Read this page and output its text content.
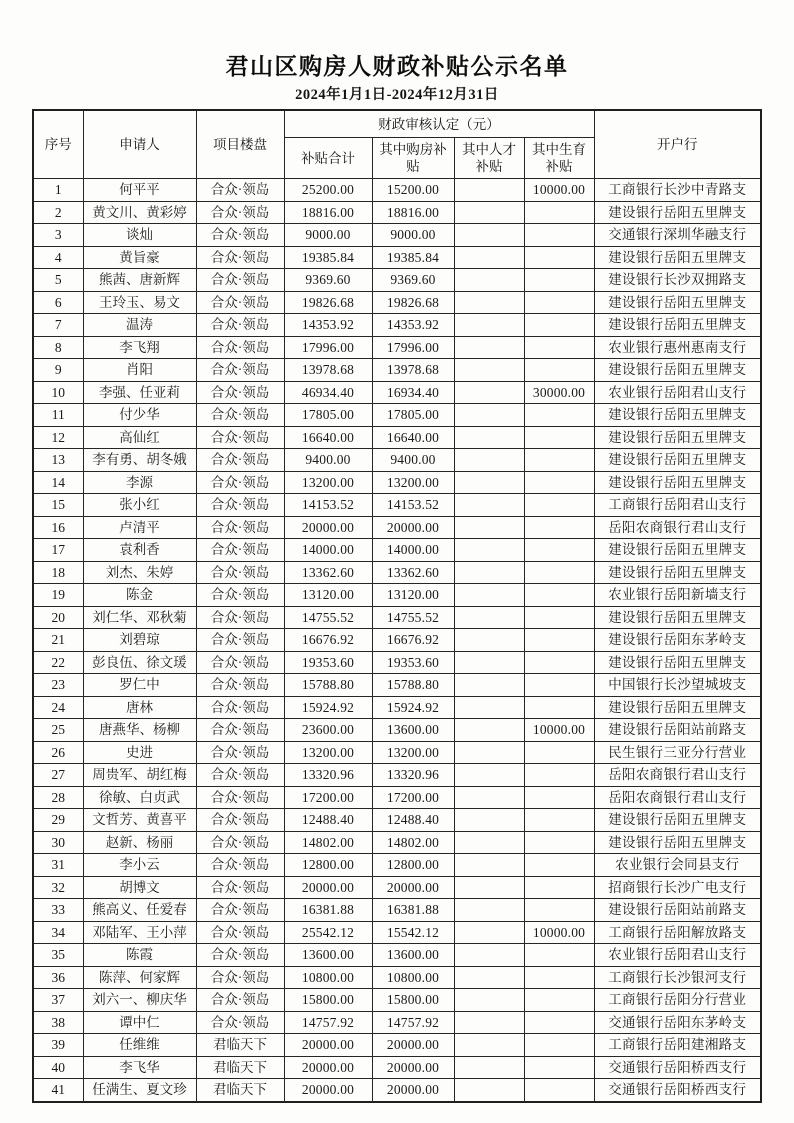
君山区购房人财政补贴公示名单
2024年1月1日-2024年12月31日
序号	申请人	项目楼盘	财政审核认定（元）				开户行
			补贴合计	其中购房补贴	其中人才补贴	其中生育补贴	
1	何平平	合众·领岛	25200.00	15200.00		10000.00	工商银行长沙中青路支
2	黄文川、黄彩婷	合众·领岛	18816.00	18816.00			建设银行岳阳五里牌支
3	谈灿	合众·领岛	9000.00	9000.00			交通银行深圳华融支行
4	黄旨豪	合众·领岛	19385.84	19385.84			建设银行岳阳五里牌支
5	熊茜、唐新辉	合众·领岛	9369.60	9369.60			建设银行长沙双拥路支
6	王玲玉、易文	合众·领岛	19826.68	19826.68			建设银行岳阳五里牌支
7	温涛	合众·领岛	14353.92	14353.92			建设银行岳阳五里牌支
8	李飞翔	合众·领岛	17996.00	17996.00			农业银行惠州惠南支行
9	肖阳	合众·领岛	13978.68	13978.68			建设银行岳阳五里牌支
10	李强、任亚莉	合众·领岛	46934.40	16934.40		30000.00	农业银行岳阳君山支行
11	付少华	合众·领岛	17805.00	17805.00			建设银行岳阳五里牌支
12	高仙红	合众·领岛	16640.00	16640.00			建设银行岳阳五里牌支
13	李有勇、胡冬娥	合众·领岛	9400.00	9400.00			建设银行岳阳五里牌支
14	李源	合众·领岛	13200.00	13200.00			建设银行岳阳五里牌支
15	张小红	合众·领岛	14153.52	14153.52			工商银行岳阳君山支行
16	卢清平	合众·领岛	20000.00	20000.00			岳阳农商银行君山支行
17	袁利香	合众·领岛	14000.00	14000.00			建设银行岳阳五里牌支
18	刘杰、朱婷	合众·领岛	13362.60	13362.60			建设银行岳阳五里牌支
19	陈金	合众·领岛	13120.00	13120.00			农业银行岳阳新墙支行
20	刘仁华、邓秋菊	合众·领岛	14755.52	14755.52			建设银行岳阳五里牌支
21	刘碧琼	合众·领岛	16676.92	16676.92			建设银行岳阳东茅岭支
22	彭良伍、徐文瑗	合众·领岛	19353.60	19353.60			建设银行岳阳五里牌支
23	罗仁中	合众·领岛	15788.80	15788.80			中国银行长沙望城坡支
24	唐林	合众·领岛	15924.92	15924.92			建设银行岳阳五里牌支
25	唐燕华、杨柳	合众·领岛	23600.00	13600.00		10000.00	建设银行岳阳站前路支
26	史进	合众·领岛	13200.00	13200.00			民生银行三亚分行营业
27	周贵军、胡红梅	合众·领岛	13320.96	13320.96			岳阳农商银行君山支行
28	徐敏、白贞武	合众·领岛	17200.00	17200.00			岳阳农商银行君山支行
29	文哲芳、黄喜平	合众·领岛	12488.40	12488.40			建设银行岳阳五里牌支
30	赵新、杨丽	合众·领岛	14802.00	14802.00			建设银行岳阳五里牌支
31	李小云	合众·领岛	12800.00	12800.00			农业银行会同县支行
32	胡博文	合众·领岛	20000.00	20000.00			招商银行长沙广电支行
33	熊高义、任爱春	合众·领岛	16381.88	16381.88			建设银行岳阳站前路支
34	邓陆军、王小萍	合众·领岛	25542.12	15542.12		10000.00	工商银行岳阳解放路支
35	陈霞	合众·领岛	13600.00	13600.00			农业银行岳阳君山支行
36	陈萍、何家辉	合众·领岛	10800.00	10800.00			工商银行长沙银河支行
37	刘六一、柳庆华	合众·领岛	15800.00	15800.00			工商银行岳阳分行营业
38	谭中仁	合众·领岛	14757.92	14757.92			交通银行岳阳东茅岭支
39	任维维	君临天下	20000.00	20000.00			工商银行岳阳建湘路支
40	李飞华	君临天下	20000.00	20000.00			交通银行岳阳桥西支行
41	任满生、夏文珍	君临天下	20000.00	20000.00			交通银行岳阳桥西支行
